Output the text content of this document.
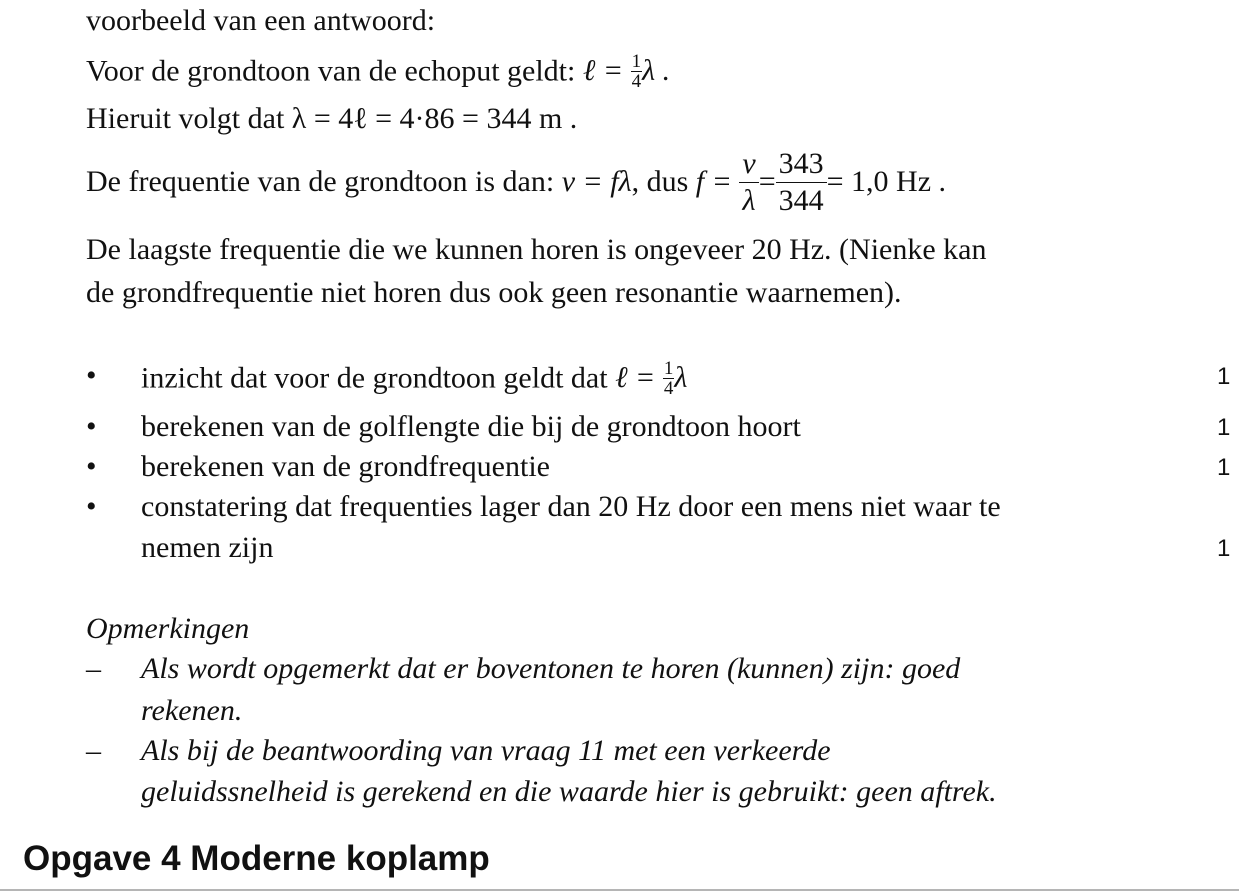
voorbeeld van een antwoord:
Voor de grondtoon van de echoput geldt: ℓ = $\frac{1}{4}$ λ .
Hieruit volgt dat λ = 4ℓ = 4·86 = 344 m .
De frequentie van de grondtoon is dan: v = fλ, dus $f = \frac{v}{\lambda} = \frac{343}{344} = 1,0$ Hz .
De laagste frequentie die we kunnen horen is ongeveer 20 Hz. (Nienke kan
de grondfrequentie niet horen dus ook geen resonantie waarnemen).
• inzicht dat voor de grondtoon geldt dat ℓ = $\frac{1}{4}$ λ	1
• berekenen van de golflengte die bij de grondtoon hoort	1
• berekenen van de grondfrequentie	1
• constatering dat frequenties lager dan 20 Hz door een mens niet waar te
nemen zijn	1
Opmerkingen
– Als wordt opgemerkt dat er boventonen te horen (kunnen) zijn: goed
rekenen.
– Als bij de beantwoording van vraag 11 met een verkeerde
geluidssnelheid is gerekend en die waarde hier is gebruikt: geen aftrek.
Opgave 4 Moderne koplamp
